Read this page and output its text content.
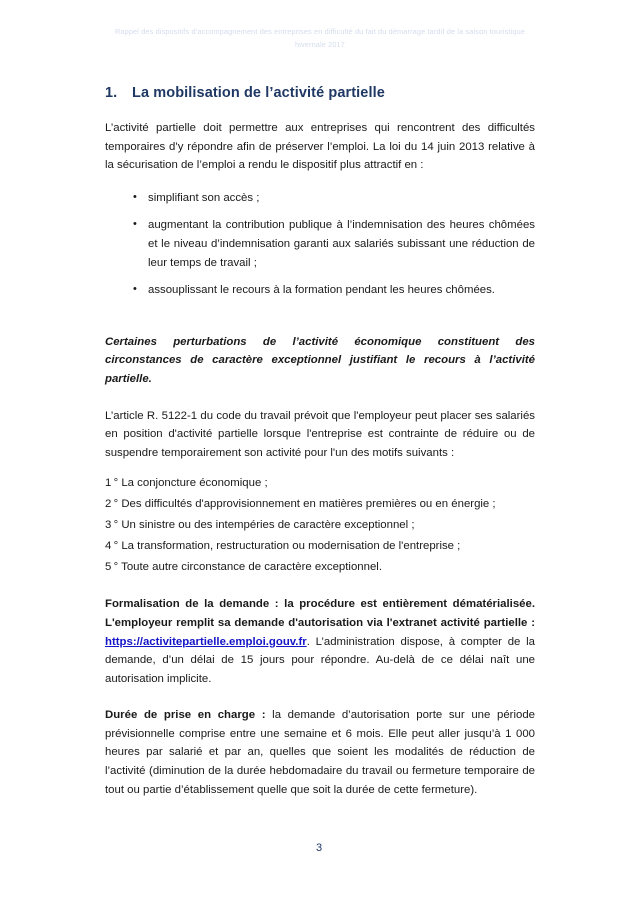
Rappel des dispositifs d’accompagnement des entreprises en difficulté du fait du démarrage tardif de la saison touristique hivernale 2017
1. La mobilisation de l’activité partielle

L’activité partielle doit permettre aux entreprises qui rencontrent des difficultés temporaires d’y répondre afin de préserver l’emploi. La loi du 14 juin 2013 relative à la sécurisation de l’emploi a rendu le dispositif plus attractif en :

• simplifiant son accès ;
• augmentant la contribution publique à l’indemnisation des heures chômées et le niveau d’indemnisation garanti aux salariés subissant une réduction de leur temps de travail ;
• assouplissant le recours à la formation pendant les heures chômées.

Certaines perturbations de l’activité économique constituent des circonstances de caractère exceptionnel justifiant le recours à l’activité partielle.

L’article R. 5122-1 du code du travail prévoit que l'employeur peut placer ses salariés en position d'activité partielle lorsque l'entreprise est contrainte de réduire ou de suspendre temporairement son activité pour l'un des motifs suivants :

1 ° La conjoncture économique ;
2 ° Des difficultés d'approvisionnement en matières premières ou en énergie ;
3 ° Un sinistre ou des intempéries de caractère exceptionnel ;
4 ° La transformation, restructuration ou modernisation de l'entreprise ;
5 ° Toute autre circonstance de caractère exceptionnel.

Formalisation de la demande : la procédure est entièrement dématérialisée. L'employeur remplit sa demande d'autorisation via l'extranet activité partielle : https://activitepartielle.emploi.gouv.fr. L’administration dispose, à compter de la demande, d’un délai de 15 jours pour répondre. Au-delà de ce délai naît une autorisation implicite.

Durée de prise en charge : la demande d’autorisation porte sur une période prévisionnelle comprise entre une semaine et 6 mois. Elle peut aller jusqu’à 1 000 heures par salarié et par an, quelles que soient les modalités de réduction de l’activité (diminution de la durée hebdomadaire du travail ou fermeture temporaire de tout ou partie d’établissement quelle que soit la durée de cette fermeture).

3
